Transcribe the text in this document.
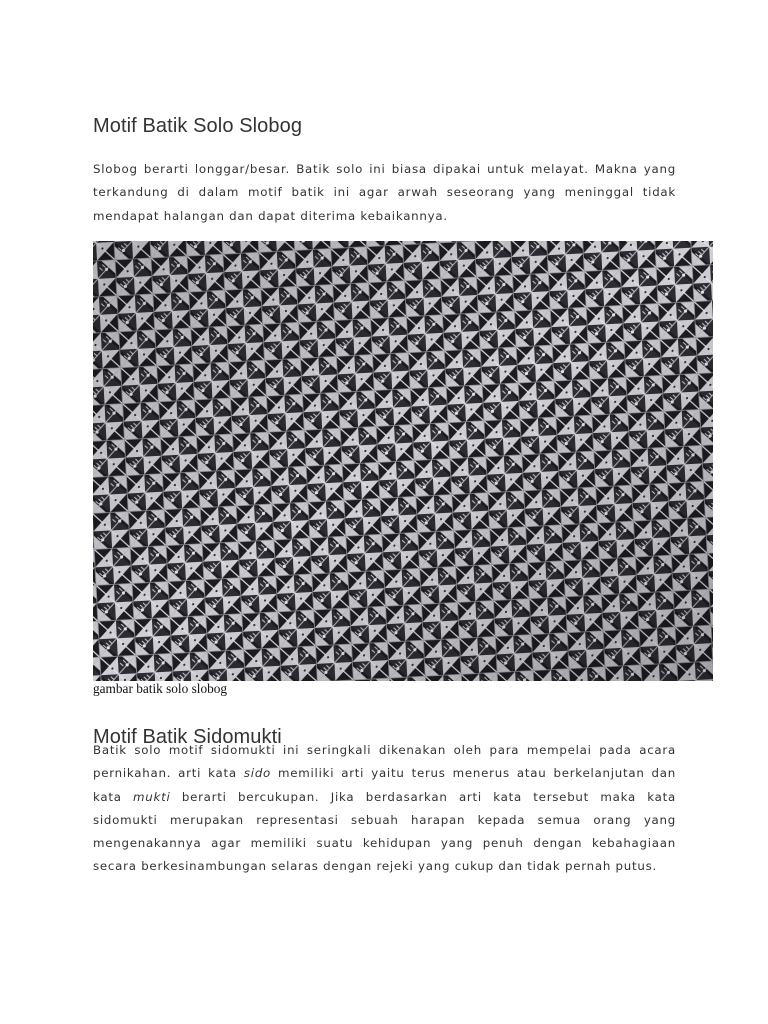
Motif Batik Solo Slobog

Slobog berarti longgar/besar. Batik solo ini biasa dipakai untuk melayat. Makna yang terkandung di dalam motif batik ini agar arwah seseorang yang meninggal tidak mendapat halangan dan dapat diterima kebaikannya.

Motif Batik Sidomukti

Batik solo motif sidomukti ini seringkali dikenakan oleh para mempelai pada acara pernikahan. arti kata sido memiliki arti yaitu terus menerus atau berkelanjutan dan kata mukti berarti bercukupan. Jika berdasarkan arti kata tersebut maka kata sidomukti merupakan representasi sebuah harapan kepada semua orang yang mengenakannya agar memiliki suatu kehidupan yang penuh dengan kebahagiaan secara berkesinambungan selaras dengan rejeki yang cukup dan tidak pernah putus.

gambar batik solo slobog
